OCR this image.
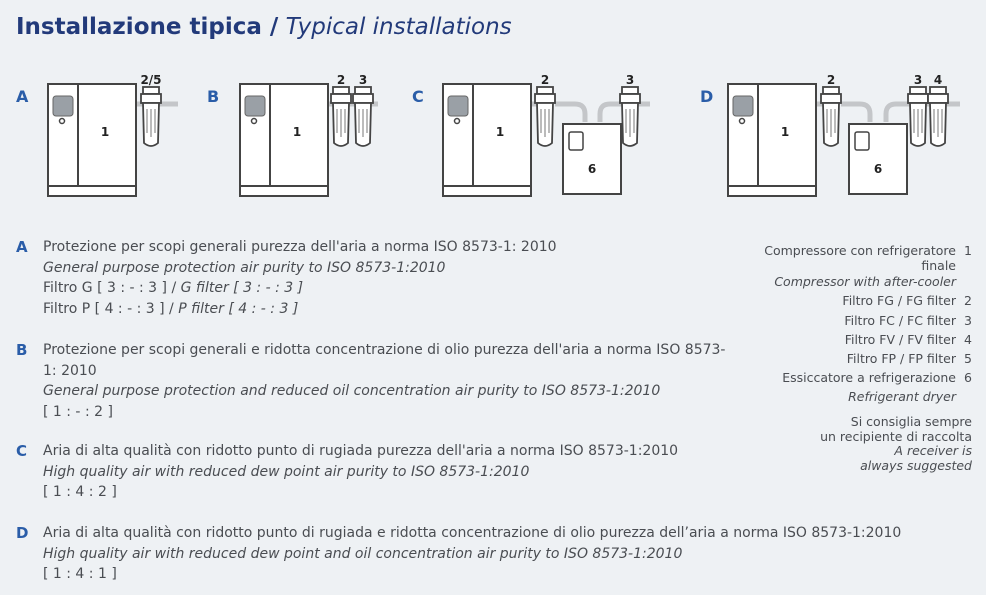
Installazione tipica / Typical installations
A
1
2/5
B
1
2 3
C
1
2
6
3
D
1
2
6
3 4
A Protezione per scopi generali purezza dell'aria a norma ISO 8573-1: 2010
General purpose protection air purity to ISO 8573-1:2010
Filtro G [ 3 : - : 3 ] / G filter [ 3 : - : 3 ]
Filtro P [ 4 : - : 3 ] / P filter [ 4 : - : 3 ]
B Protezione per scopi generali e ridotta concentrazione di olio purezza dell'aria a norma ISO 8573-1: 2010
General purpose protection and reduced oil concentration air purity to ISO 8573-1:2010
[ 1 : - : 2 ]
C Aria di alta qualità con ridotto punto di rugiada purezza dell'aria a norma ISO 8573-1:2010
High quality air with reduced dew point air purity to ISO 8573-1:2010
[ 1 : 4 : 2 ]
D Aria di alta qualità con ridotto punto di rugiada e ridotta concentrazione di olio purezza dell’aria a norma ISO 8573-1:2010
High quality air with reduced dew point and oil concentration air purity to ISO 8573-1:2010
[ 1 : 4 : 1 ]
Compressore con refrigeratore 1
finale
Compressor with after-cooler
Filtro FG / FG filter 2
Filtro FC / FC filter 3
Filtro FV / FV filter 4
Filtro FP / FP filter 5
Essiccatore a refrigerazione 6
Refrigerant dryer
Si consiglia sempre
un recipiente di raccolta
A receiver is
always suggested
